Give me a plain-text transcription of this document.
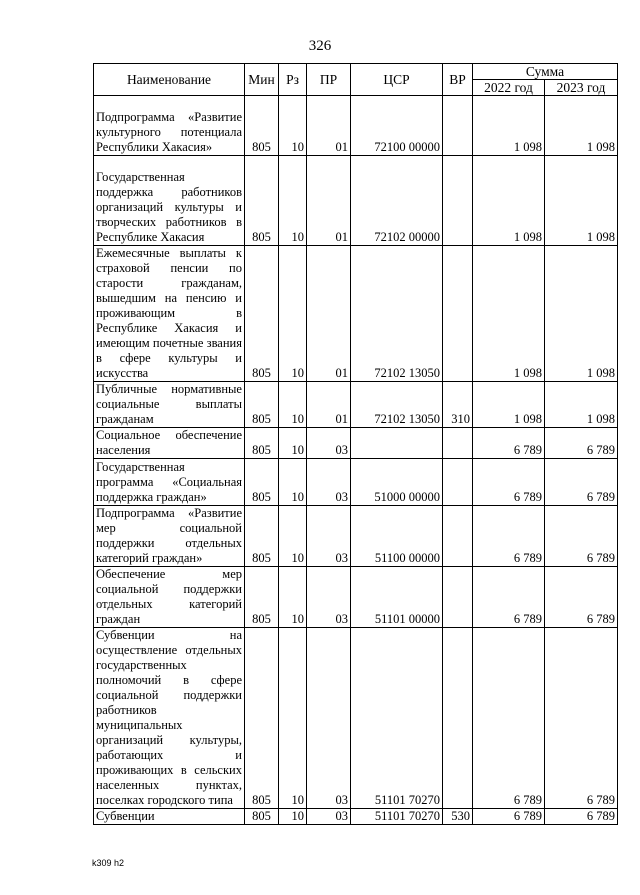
326
Наименование	Мин	Рз	ПР	ЦСР	ВР	Сумма	
						2022 год	2023 год
Подпрограмма «Развитие культурного потенциала Республики Хакасия»	805	10	01	72100 00000		1 098	1 098
Государственная поддержка работников организаций культуры и творческих работников в Республике Хакасия	805	10	01	72102 00000		1 098	1 098
Ежемесячные выплаты к страховой пенсии по старости гражданам, вышедшим на пенсию и проживающим в Республике Хакасия и имеющим почетные звания в сфере культуры и искусства	805	10	01	72102 13050		1 098	1 098
Публичные нормативные социальные выплаты гражданам	805	10	01	72102 13050	310	1 098	1 098
Социальное обеспечение населения	805	10	03			6 789	6 789
Государственная программа «Социальная поддержка граждан»	805	10	03	51000 00000		6 789	6 789
Подпрограмма «Развитие мер социальной поддержки отдельных категорий граждан»	805	10	03	51100 00000		6 789	6 789
Обеспечение мер социальной поддержки отдельных категорий граждан	805	10	03	51101 00000		6 789	6 789
Субвенции на осуществление отдельных государственных полномочий в сфере социальной поддержки работников муниципальных организаций культуры, работающих и проживающих в сельских населенных пунктах, поселках городского типа	805	10	03	51101 70270		6 789	6 789
Субвенции	805	10	03	51101 70270	530	6 789	6 789
k309 h2
